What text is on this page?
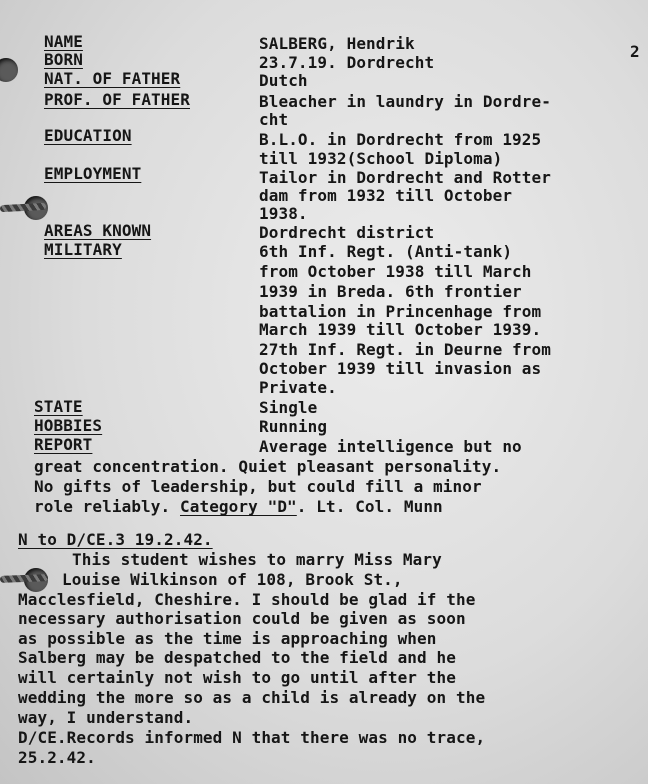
2
NAME
BORN
NAT. OF FATHER
PROF. OF FATHER
EDUCATION
EMPLOYMENT
AREAS KNOWN
MILITARY
STATE
HOBBIES
REPORT
SALBERG, Hendrik
23.7.19. Dordrecht
Dutch
Bleacher in laundry in Dordre-
cht
B.L.O. in Dordrecht from 1925
till 1932(School Diploma)
Tailor in Dordrecht and Rotter
dam from 1932 till October
1938.
Dordrecht district
6th Inf. Regt. (Anti-tank)
from October 1938 till March
1939 in Breda. 6th frontier
battalion in Princenhage from
March 1939 till October 1939.
27th Inf. Regt. in Deurne from
October 1939 till invasion as
Private.
Single
Running
Average intelligence but no
great concentration. Quiet pleasant personality.
No gifts of leadership, but could fill a minor
role reliably. Category "D". Lt. Col. Munn
N to D/CE.3 19.2.42.
This student wishes to marry Miss Mary
Louise Wilkinson of 108, Brook St.,
Macclesfield, Cheshire. I should be glad if the
necessary authorisation could be given as soon
as possible as the time is approaching when
Salberg may be despatched to the field and he
will certainly not wish to go until after the
wedding the more so as a child is already on the
way, I understand.
D/CE.Records informed N that there was no trace,
25.2.42.
